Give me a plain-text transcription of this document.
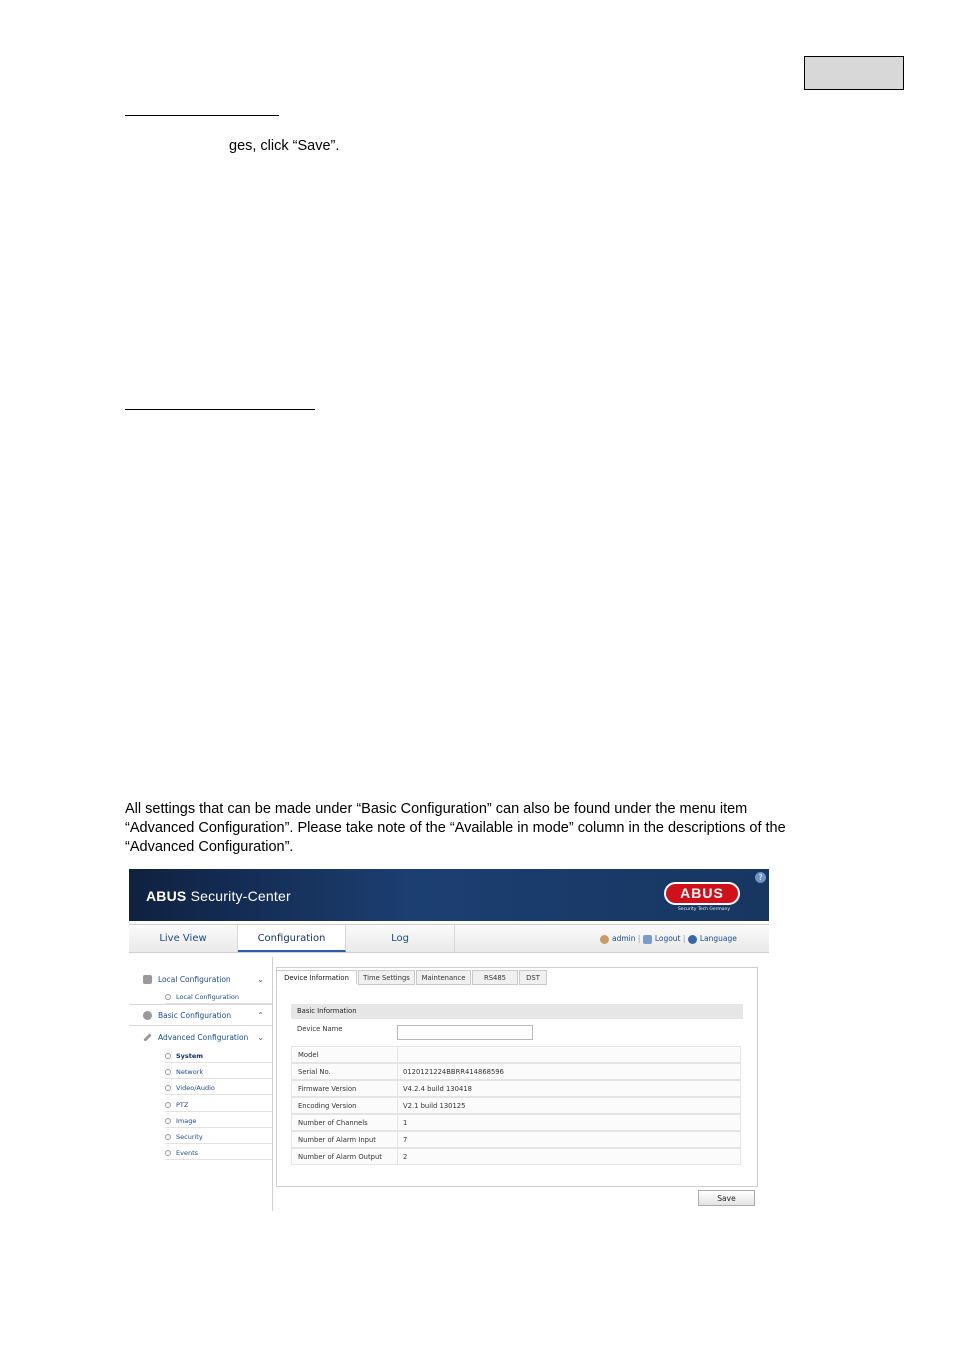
ges, click “Save”.
All settings that can be made under “Basic Configuration” can also be found under the menu item
“Advanced Configuration”. Please take note of the “Available in mode” column in the descriptions of the
“Advanced Configuration”.
ABUS Security-Center	ABUS
Security Tech Germany
?
Live View	Configuration	Log	admin | Logout | Language
Local Configuration	⌄
Local Configuration
Basic Configuration	⌃
Advanced Configuration ⌄
System
Network
Video/Audio
PTZ
Image
Security
Events
Device Information	Time Settings	Maintenance	RS485	DST
Basic Information
Device Name
Model
Serial No.	0120121224BBRR414868596
Firmware Version	V4.2.4 build 130418
Encoding Version	V2.1 build 130125
Number of Channels	1
Number of Alarm Input	7
Number of Alarm Output	2
Save
